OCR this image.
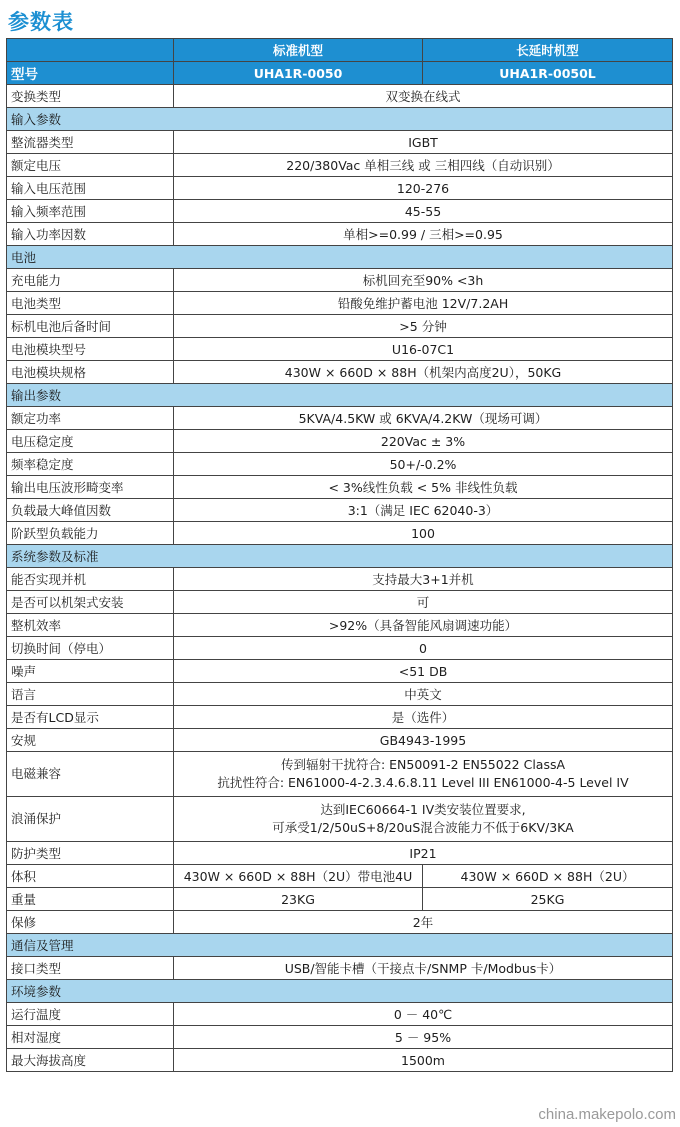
参数表
	标准机型	长延时机型
型号	UHA1R-0050	UHA1R-0050L
变换类型	双变换在线式	
输入参数		
整流器类型	IGBT	
额定电压	220/380Vac 单相三线 或 三相四线（自动识别）	
输入电压范围	120-276	
输入频率范围	45-55	
输入功率因数	单相>=0.99 / 三相>=0.95	
电池		
充电能力	标机回充至90% <3h	
电池类型	铅酸免维护蓄电池 12V/7.2AH	
标机电池后备时间	>5 分钟	
电池模块型号	U16-07C1	
电池模块规格	430W × 660D × 88H（机架内高度2U），50KG	
输出参数		
额定功率	5KVA/4.5KW 或 6KVA/4.2KW（现场可调）	
电压稳定度	220Vac ± 3%	
频率稳定度	50+/-0.2%	
输出电压波形畸变率	< 3%线性负载 < 5% 非线性负载	
负载最大峰值因数	3:1（满足 IEC 62040-3）	
阶跃型负载能力	100	
系统参数及标准		
能否实现并机	支持最大3+1并机	
是否可以机架式安装	可	
整机效率	>92%（具备智能风扇调速功能）	
切换时间（停电）	0	
噪声	<51 DB	
语言	中英文	
是否有LCD显示	是（选件）	
安规	GB4943-1995	
电磁兼容	传到辐射干扰符合: EN50091-2 EN55022 ClassA
抗扰性符合: EN61000-4-2.3.4.6.8.11 Level III EN61000-4-5 Level IV	

浪涌保护	达到IEC60664-1 IV类安装位置要求,
可承受1/2/50uS+8/20uS混合波能力不低于6KV/3KA	

防护类型	IP21	
体积	430W × 660D × 88H（2U）带电池4U	430W × 660D × 88H（2U）
重量	23KG	25KG
保修	2年	
通信及管理		
接口类型	USB/智能卡槽（干接点卡/SNMP 卡/Modbus卡）	
环境参数		
运行温度	0 － 40℃	
相对湿度	5 － 95%	
最大海拔高度	1500m	
china.makepolo.com
